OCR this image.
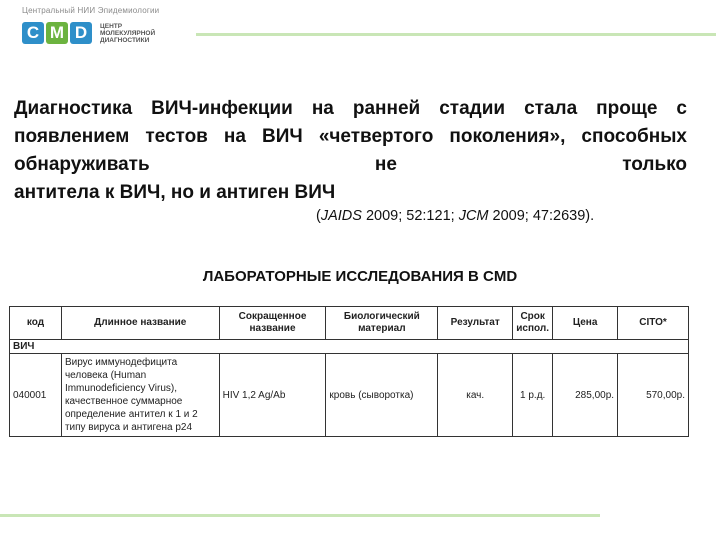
Центральный НИИ Эпидемиологии
C M D	ЦЕНТР
МОЛЕКУЛЯРНОЙ
ДИАГНОСТИКИ
Диагностика ВИЧ-инфекции на ранней стадии стала проще с появлением тестов на ВИЧ «четвертого поколения», способных обнаруживать не только
антитела к ВИЧ, но и антиген ВИЧ
(JAIDS 2009; 52:121; JCM 2009; 47:2639).
ЛАБОРАТОРНЫЕ ИССЛЕДОВАНИЯ В CMD
код	Длинное название	Сокращенное название	Биологический материал	Результат	Срок испол.	Цена	CITO*
ВИЧ							
040001	Вирус иммунодефицита человека (Human Immunodeficiency Virus), качественное суммарное определение антител к 1 и 2 типу вируса и антигена p24	HIV 1,2 Ag/Ab	кровь (сыворотка)	кач.	1 р.д.	285,00р.	570,00р.
